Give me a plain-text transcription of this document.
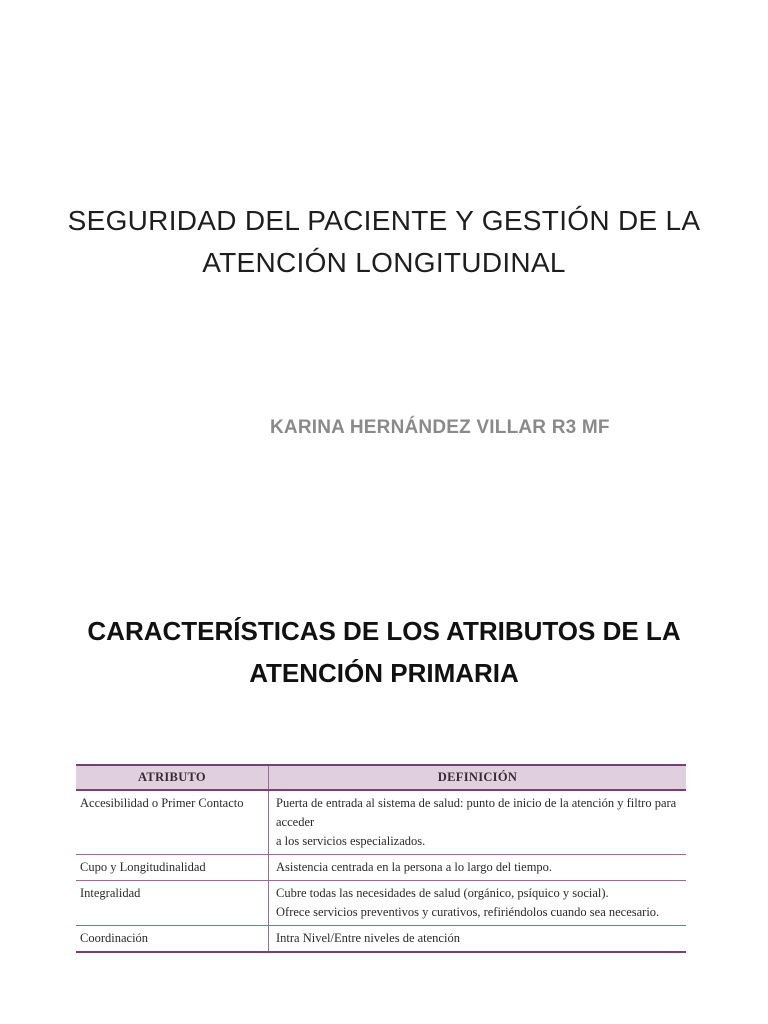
SEGURIDAD DEL PACIENTE Y GESTIÓN DE LA
ATENCIÓN LONGITUDINAL
KARINA HERNÁNDEZ VILLAR R3 MF
CARACTERÍSTICAS DE LOS ATRIBUTOS DE LA
ATENCIÓN PRIMARIA
ATRIBUTO	DEFINICIÓN
Accesibilidad o Primer Contacto	Puerta de entrada al sistema de salud: punto de inicio de la atención y filtro para acceder
a los servicios especializados.

Cupo y Longitudinalidad	Asistencia centrada en la persona a lo largo del tiempo.

Integralidad	Cubre todas las necesidades de salud (orgánico, psíquico y social).
Ofrece servicios preventivos y curativos, refiriéndolos cuando sea necesario.

Coordinación	Intra Nivel/Entre niveles de atención
